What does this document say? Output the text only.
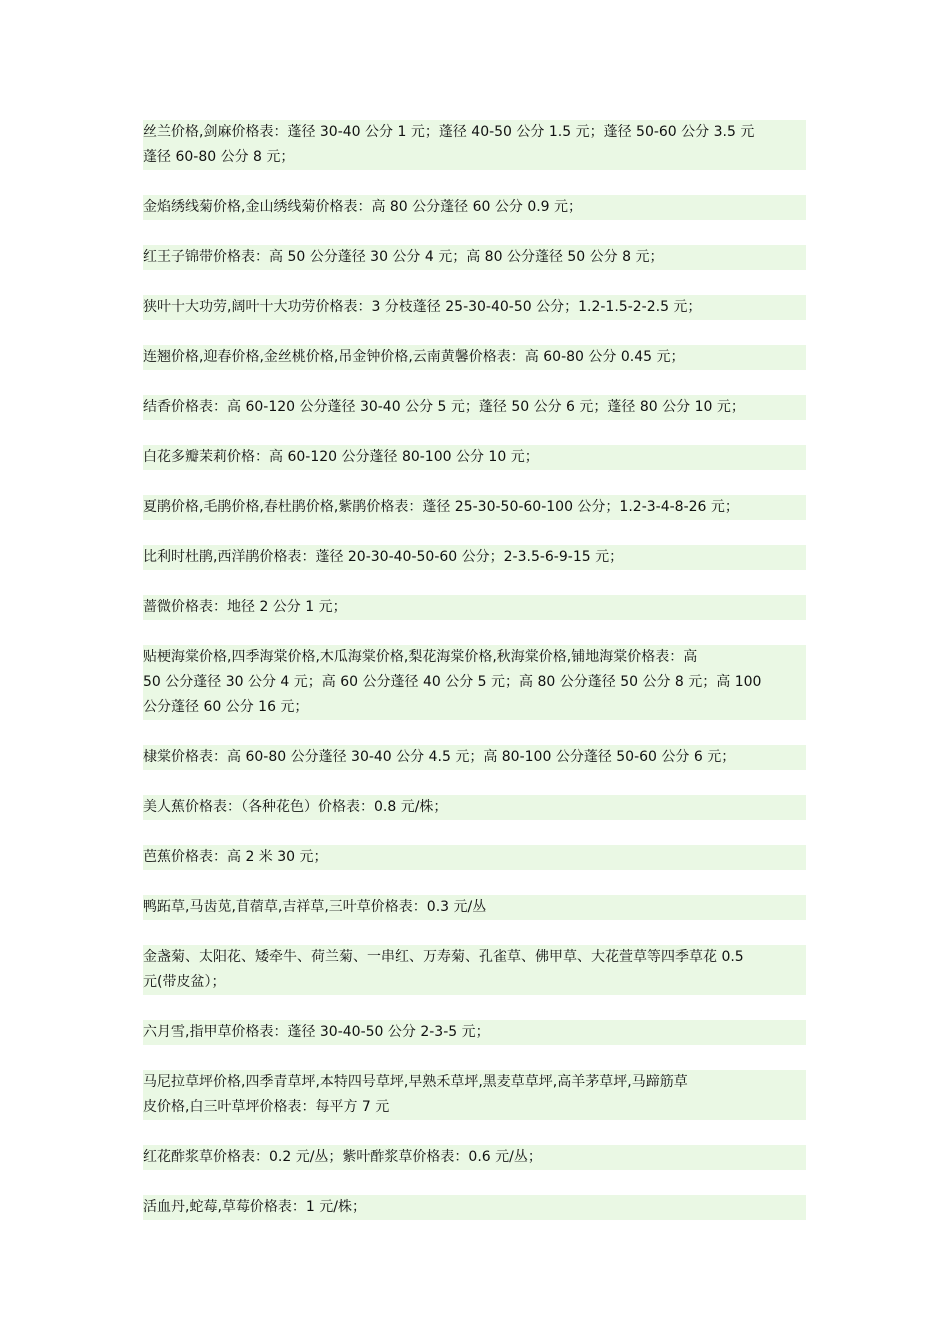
丝兰价格,剑麻价格表：蓬径 30-40 公分 1 元；蓬径 40-50 公分 1.5 元；蓬径 50-60 公分 3.5 元
蓬径 60-80 公分 8 元；
金焰绣线菊价格,金山绣线菊价格表：高 80 公分蓬径 60 公分 0.9 元；
红王子锦带价格表：高 50 公分蓬径 30 公分 4 元；高 80 公分蓬径 50 公分 8 元；
狭叶十大功劳,阔叶十大功劳价格表：3 分枝蓬径 25-30-40-50 公分；1.2-1.5-2-2.5 元；
连翘价格,迎春价格,金丝桃价格,吊金钟价格,云南黄馨价格表：高 60-80 公分 0.45 元；
结香价格表：高 60-120 公分蓬径 30-40 公分 5 元；蓬径 50 公分 6 元；蓬径 80 公分 10 元；
白花多瓣茉莉价格：高 60-120 公分蓬径 80-100 公分 10 元；
夏鹃价格,毛鹃价格,春杜鹃价格,紫鹃价格表：蓬径 25-30-50-60-100 公分；1.2-3-4-8-26 元；
比利时杜鹃,西洋鹃价格表：蓬径 20-30-40-50-60 公分；2-3.5-6-9-15 元；
蔷微价格表：地径 2 公分 1 元；
贴梗海棠价格,四季海棠价格,木瓜海棠价格,梨花海棠价格,秋海棠价格,铺地海棠价格表：高
50 公分蓬径 30 公分 4 元；高 60 公分蓬径 40 公分 5 元；高 80 公分蓬径 50 公分 8 元；高 100
公分蓬径 60 公分 16 元；
棣棠价格表：高 60-80 公分蓬径 30-40 公分 4.5 元；高 80-100 公分蓬径 50-60 公分 6 元；
美人蕉价格表：（各种花色）价格表：0.8 元/株；
芭蕉价格表：高 2 米 30 元；
鸭跖草,马齿苋,苜蓿草,吉祥草,三叶草价格表：0.3 元/丛
金盏菊、太阳花、矮牵牛、荷兰菊、一串红、万寿菊、孔雀草、佛甲草、大花萱草等四季草花 0.5
元(带皮盆）；
六月雪,指甲草价格表：蓬径 30-40-50 公分 2-3-5 元；
马尼拉草坪价格,四季青草坪,本特四号草坪,早熟禾草坪,黑麦草草坪,高羊茅草坪,马蹄筋草
皮价格,白三叶草坪价格表：每平方 7 元
红花酢浆草价格表：0.2 元/丛；紫叶酢浆草价格表：0.6 元/丛；
活血丹,蛇莓,草莓价格表：1 元/株；
